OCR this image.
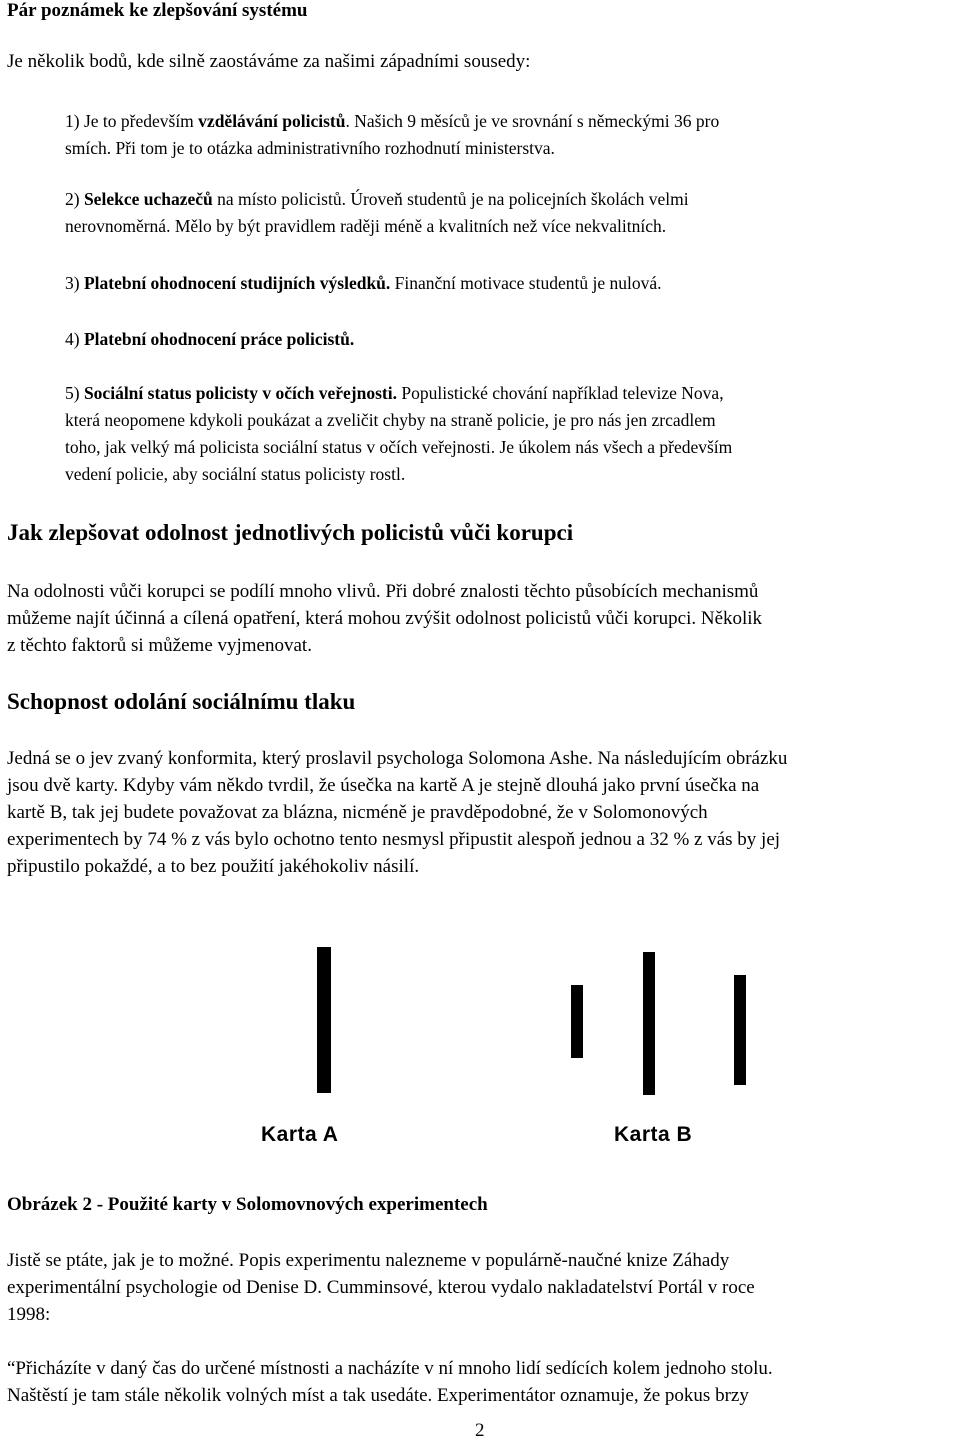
Pár poznámek ke zlepšování systému
Je několik bodů, kde silně zaostáváme za našimi západními sousedy:
1) Je to především vzdělávání policistů. Našich 9 měsíců je ve srovnání s německými 36 pro
smích. Při tom je to otázka administrativního rozhodnutí ministerstva.
2) Selekce uchazečů na místo policistů. Úroveň studentů je na policejních školách velmi
nerovnoměrná. Mělo by být pravidlem raději méně a kvalitních než více nekvalitních.
3) Platební ohodnocení studijních výsledků. Finanční motivace studentů je nulová.
4) Platební ohodnocení práce policistů.
5) Sociální status policisty v očích veřejnosti. Populistické chování například televize Nova,
která neopomene kdykoli poukázat a zveličit chyby na straně policie, je pro nás jen zrcadlem
toho, jak velký má policista sociální status v očích veřejnosti. Je úkolem nás všech a především
vedení policie, aby sociální status policisty rostl.
Jak zlepšovat odolnost jednotlivých policistů vůči korupci
Na odolnosti vůči korupci se podílí mnoho vlivů. Při dobré znalosti těchto působících mechanismů
můžeme najít účinná a cílená opatření, která mohou zvýšit odolnost policistů vůči korupci. Několik
z těchto faktorů si můžeme vyjmenovat.
Schopnost odolání sociálnímu tlaku
Jedná se o jev zvaný konformita, který proslavil psychologa Solomona Ashe. Na následujícím obrázku
jsou dvě karty. Kdyby vám někdo tvrdil, že úsečka na kartě A je stejně dlouhá jako první úsečka na
kartě B, tak jej budete považovat za blázna, nicméně je pravděpodobné, že v Solomonových
experimentech by 74 % z vás bylo ochotno tento nesmysl připustit alespoň jednou a 32 % z vás by jej
připustilo pokaždé, a to bez použití jakéhokoliv násilí.
Karta A	Karta B
Obrázek 2 - Použité karty v Solomovnových experimentech
Jistě se ptáte, jak je to možné. Popis experimentu nalezneme v populárně-naučné knize Záhady
experimentální psychologie od Denise D. Cumminsové, kterou vydalo nakladatelství Portál v roce
1998:
“Přicházíte v daný čas do určené místnosti a nacházíte v ní mnoho lidí sedících kolem jednoho stolu.
Naštěstí je tam stále několik volných míst a tak usedáte. Experimentátor oznamuje, že pokus brzy
2
